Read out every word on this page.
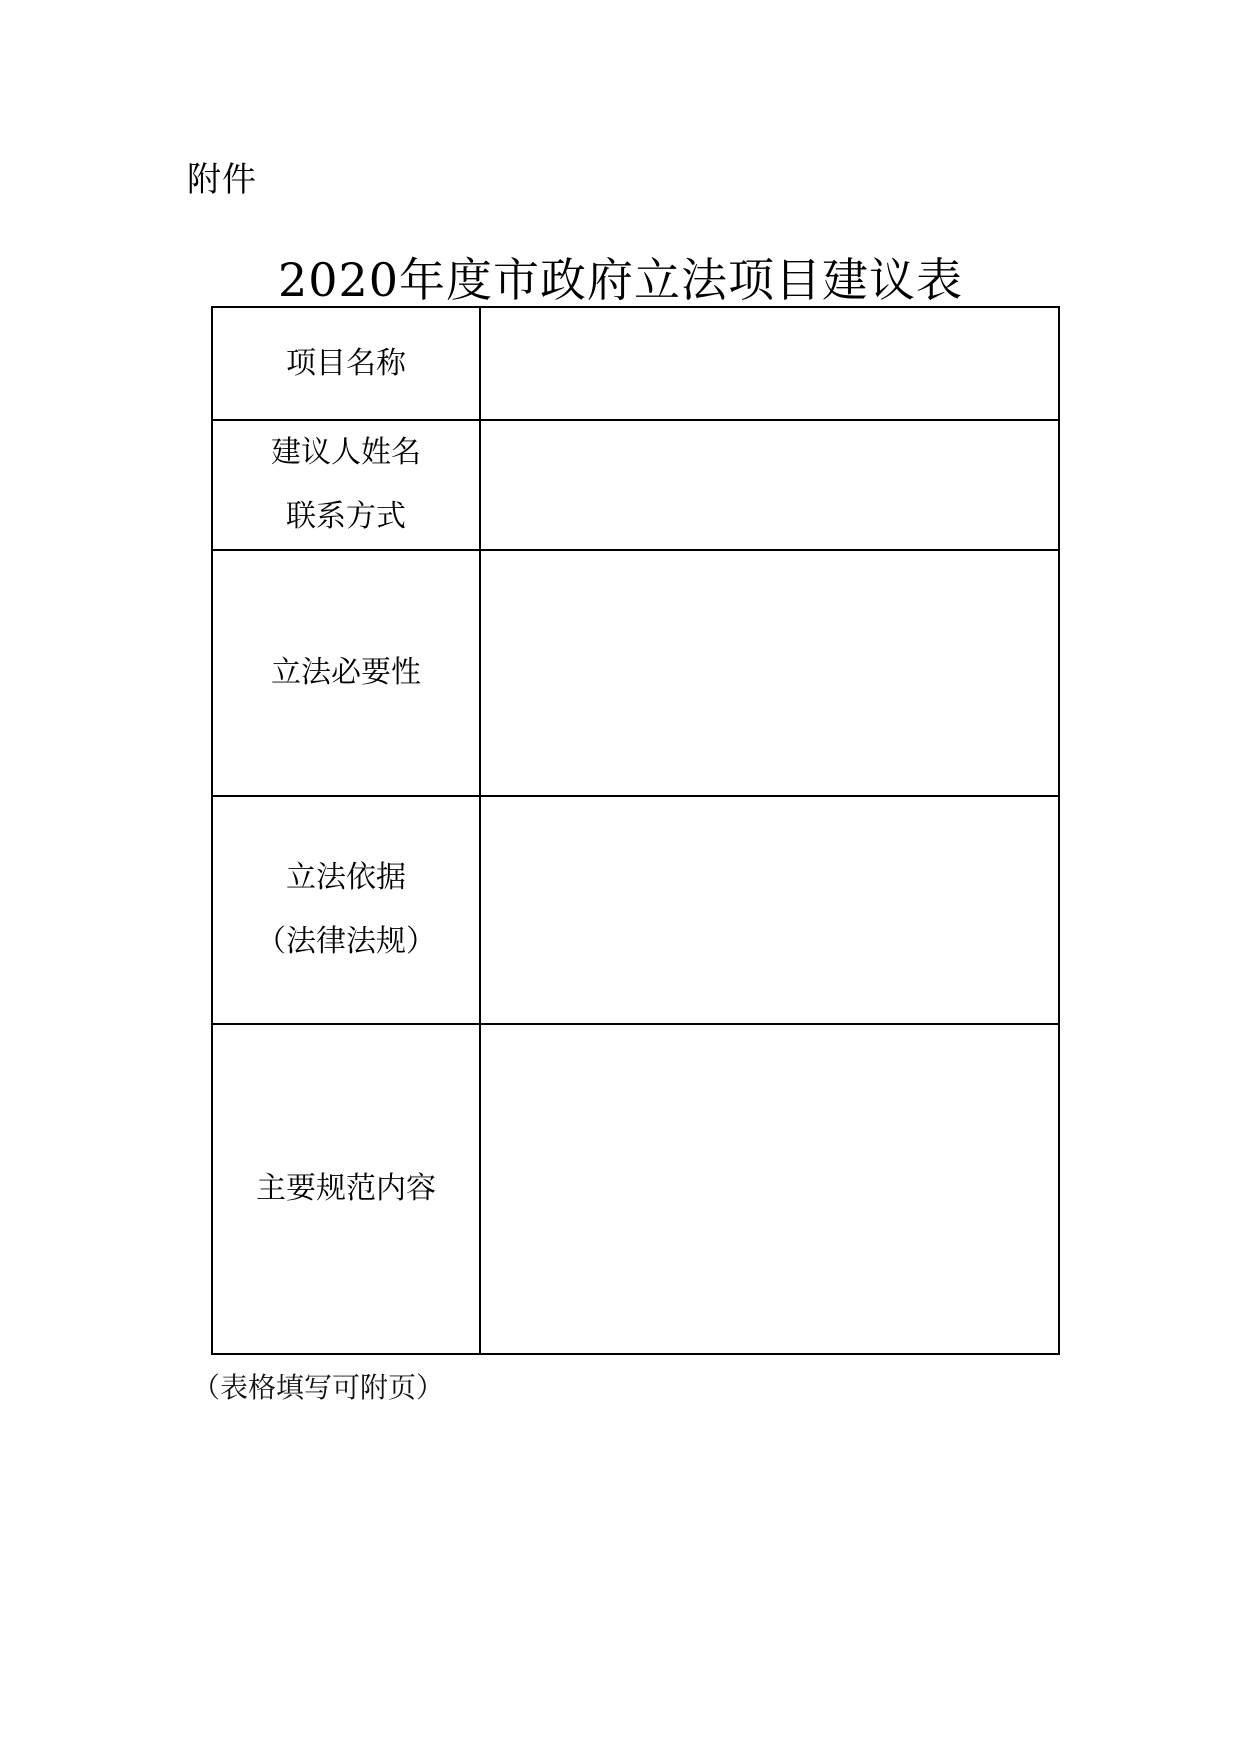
附件
2020年度市政府立法项目建议表
项目名称	

建议人姓名
联系方式	

立法必要性	

立法依据
（法律法规）	

主要规范内容	

（表格填写可附页）
